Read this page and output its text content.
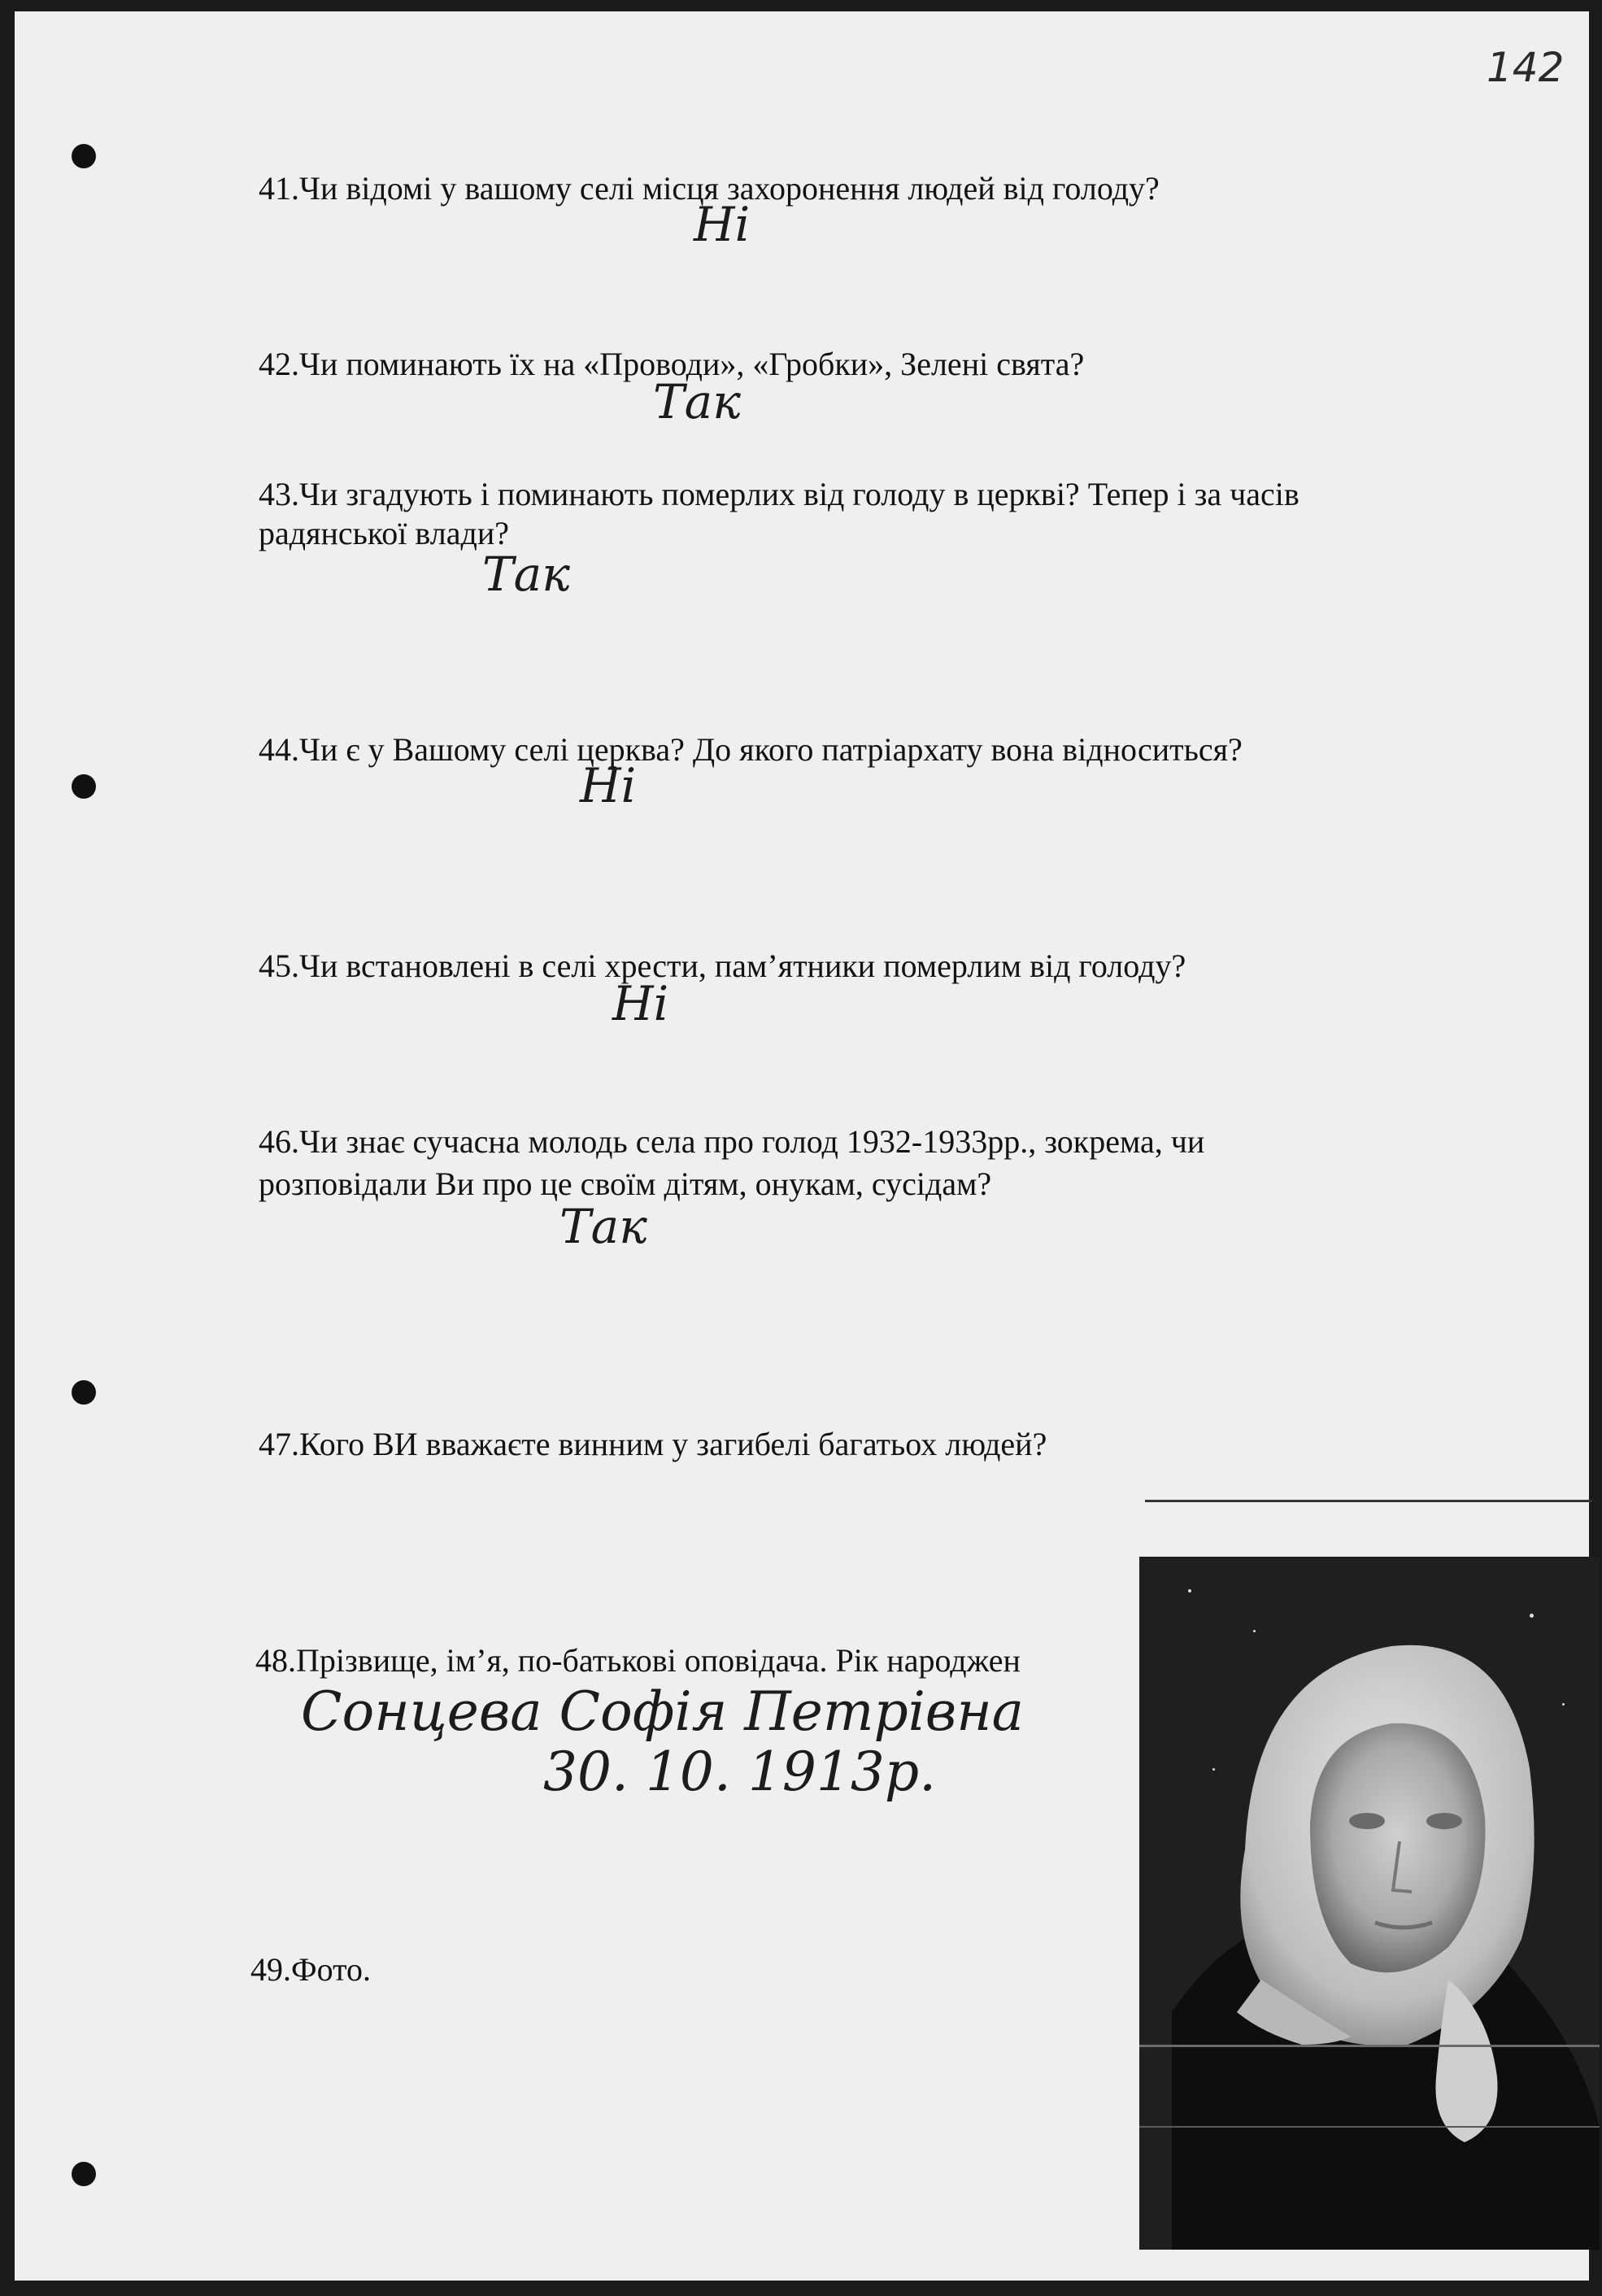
142
41.Чи відомі у вашому селі місця захоронення людей від голоду?
Ні
42.Чи поминають їх на «Проводи», «Гробки», Зелені свята?
Так
43.Чи згадують і поминають померлих від голоду в церкві? Тепер і за часів
радянської влади?
Так
44.Чи є у Вашому селі церква? До якого патріархату вона відноситься?
Ні
45.Чи встановлені в селі хрести, пам’ятники померлим від голоду?
Ні
46.Чи знає сучасна молодь села про голод 1932-1933рр., зокрема, чи
розповідали Ви про це своїм дітям, онукам, сусідам?
Так
47.Кого ВИ вважаєте винним у загибелі багатьох людей?
48.Прізвище, ім’я, по-батькові оповідача. Рік народжен
Сонцева Софія Петрівна
30. 10. 1913р.
49.Фото.
